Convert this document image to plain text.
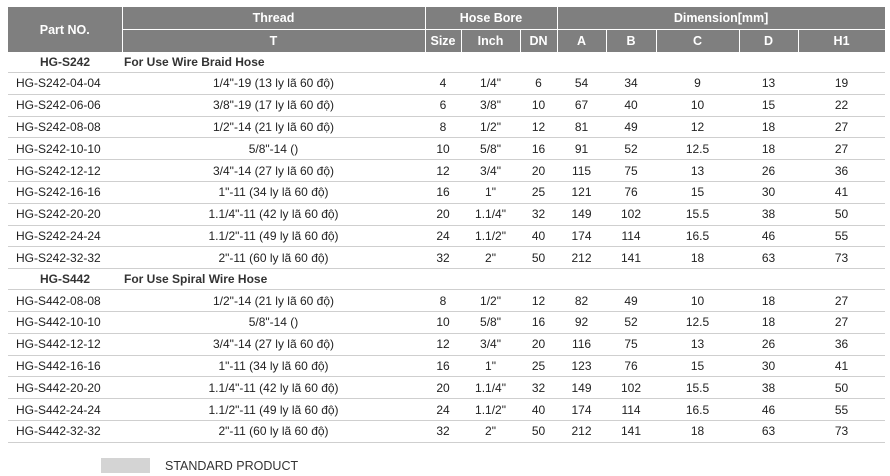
Part NO.	Thread	Hose Bore			Dimension[mm]				
	T	Size	Inch	DN	A	B	C	D	H1
HG-S242	For Use Wire Braid Hose								
HG-S242-04-04	1/4"-19 (13 ly lã 60 độ)	4	1/4"	6	54	34	9	13	19
HG-S242-06-06	3/8"-19 (17 ly lã 60 độ)	6	3/8"	10	67	40	10	15	22
HG-S242-08-08	1/2"-14 (21 ly lã 60 độ)	8	1/2"	12	81	49	12	18	27
HG-S242-10-10	5/8"-14 ()	10	5/8"	16	91	52	12.5	18	27
HG-S242-12-12	3/4"-14 (27 ly lã 60 độ)	12	3/4"	20	115	75	13	26	36
HG-S242-16-16	1"-11 (34 ly lã 60 độ)	16	1"	25	121	76	15	30	41
HG-S242-20-20	1.1/4"-11 (42 ly lã 60 độ)	20	1.1/4"	32	149	102	15.5	38	50
HG-S242-24-24	1.1/2"-11 (49 ly lã 60 độ)	24	1.1/2"	40	174	114	16.5	46	55
HG-S242-32-32	2"-11 (60 ly lã 60 độ)	32	2"	50	212	141	18	63	73
HG-S442	For Use Spiral Wire Hose								
HG-S442-08-08	1/2"-14 (21 ly lã 60 độ)	8	1/2"	12	82	49	10	18	27
HG-S442-10-10	5/8"-14 ()	10	5/8"	16	92	52	12.5	18	27
HG-S442-12-12	3/4"-14 (27 ly lã 60 độ)	12	3/4"	20	116	75	13	26	36
HG-S442-16-16	1"-11 (34 ly lã 60 độ)	16	1"	25	123	76	15	30	41
HG-S442-20-20	1.1/4"-11 (42 ly lã 60 độ)	20	1.1/4"	32	149	102	15.5	38	50
HG-S442-24-24	1.1/2"-11 (49 ly lã 60 độ)	24	1.1/2"	40	174	114	16.5	46	55
HG-S442-32-32	2"-11 (60 ly lã 60 độ)	32	2"	50	212	141	18	63	73
STANDARD PRODUCT
